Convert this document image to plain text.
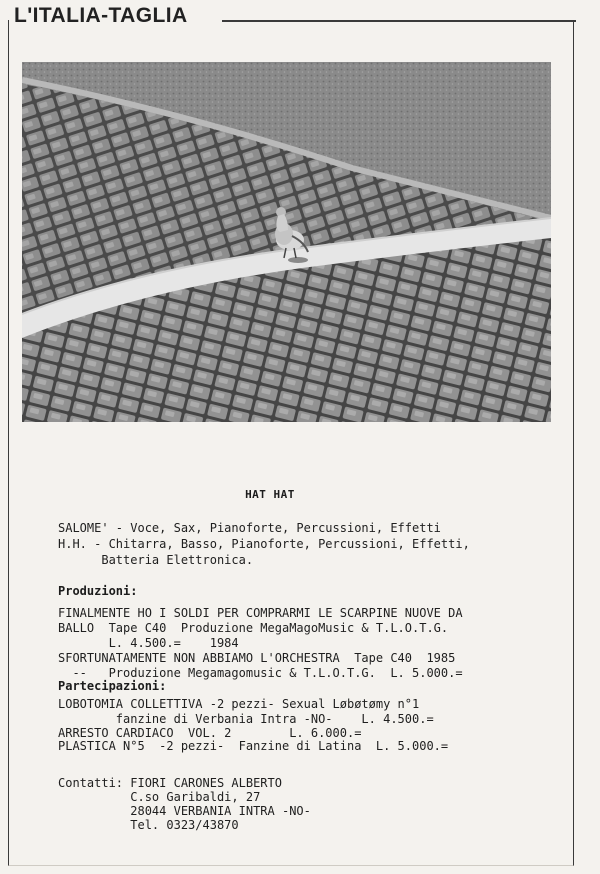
L'ITALIA-TAGLIA
HAT HAT
SALOME' - Voce, Sax, Pianoforte, Percussioni, Effetti
H.H. - Chitarra, Basso, Pianoforte, Percussioni, Effetti,
Batteria Elettronica.
Produzioni:
FINALMENTE HO I SOLDI PER COMPRARMI LE SCARPINE NUOVE DA
BALLO  Tape C40  Produzione MegaMagoMusic & T.L.O.T.G.
L. 4.500.=    1984
SFORTUNATAMENTE NON ABBIAMO L'ORCHESTRA  Tape C40  1985
--   Produzione Megamagomusic & T.L.O.T.G.  L. 5.000.=
Partecipazioni:
LOBOTOMIA COLLETTIVA -2 pezzi- Sexual Løbøtømy n°1
fanzine di Verbania Intra -NO-    L. 4.500.=
ARRESTO CARDIACO  VOL. 2        L. 6.000.=
PLASTICA N°5  -2 pezzi-  Fanzine di Latina  L. 5.000.=
Contatti: FIORI CARONES ALBERTO
C.so Garibaldi, 27
28044 VERBANIA INTRA -NO-
Tel. 0323/43870
